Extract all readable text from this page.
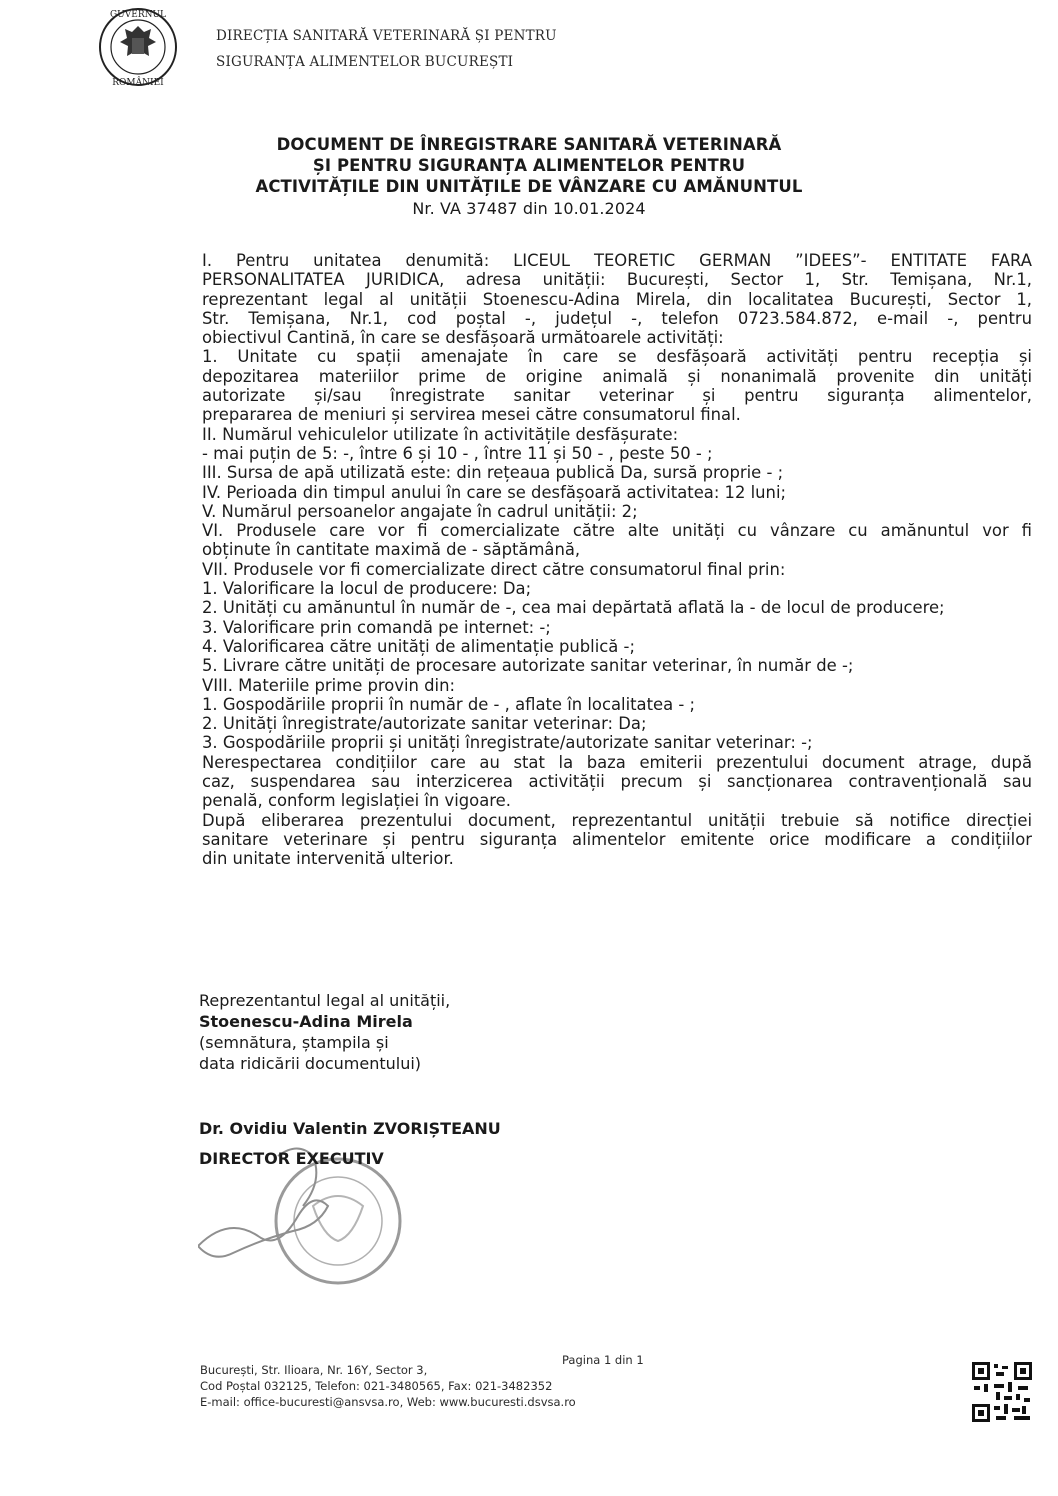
GUVERNUL
ROMÂNIEI
DIRECȚIA SANITARĂ VETERINARĂ ȘI PENTRU
SIGURANȚA ALIMENTELOR BUCUREȘTI
DOCUMENT DE ÎNREGISTRARE SANITARĂ VETERINARĂ
ȘI PENTRU SIGURANȚA ALIMENTELOR PENTRU
ACTIVITĂȚILE DIN UNITĂȚILE DE VÂNZARE CU AMĂNUNTUL
Nr. VA 37487 din 10.01.2024

I. Pentru unitatea denumită: LICEUL TEORETIC GERMAN ”IDEES”- ENTITATE FARA

PERSONALITATEA JURIDICA, adresa unității: București, Sector 1, Str. Temișana, Nr.1,

reprezentant legal al unității Stoenescu-Adina Mirela, din localitatea București, Sector 1,

Str. Temișana, Nr.1, cod poștal -, județul -, telefon 0723.584.872, e-mail -, pentru

obiectivul Cantină, în care se desfășoară următoarele activități:

1. Unitate cu spații amenajate în care se desfășoară activități pentru recepția și

depozitarea materiilor prime de origine animală și nonanimală provenite din unități

autorizate și/sau înregistrate sanitar veterinar și pentru siguranța alimentelor,

prepararea de meniuri și servirea mesei către consumatorul final.

II. Numărul vehiculelor utilizate în activitățile desfășurate:

- mai puțin de 5: -, între 6 și 10 - , între 11 și 50 - , peste 50 - ;

III. Sursa de apă utilizată este: din rețeaua publică Da, sursă proprie - ;

IV. Perioada din timpul anului în care se desfășoară activitatea: 12 luni;

V. Numărul persoanelor angajate în cadrul unității: 2;

VI. Produsele care vor fi comercializate către alte unități cu vânzare cu amănuntul vor fi

obținute în cantitate maximă de - săptămână,

VII. Produsele vor fi comercializate direct către consumatorul final prin:

1. Valorificare la locul de producere: Da;

2. Unități cu amănuntul în număr de -, cea mai depărtată aflată la - de locul de producere;

3. Valorificare prin comandă pe internet: -;

4. Valorificarea către unități de alimentație publică -;

5. Livrare către unități de procesare autorizate sanitar veterinar, în număr de -;

VIII. Materiile prime provin din:

1. Gospodăriile proprii în număr de - , aflate în localitatea - ;

2. Unități înregistrate/autorizate sanitar veterinar: Da;

3. Gospodăriile proprii și unități înregistrate/autorizate sanitar veterinar: -;

Nerespectarea condițiilor care au stat la baza emiterii prezentului document atrage, după

caz, suspendarea sau interzicerea activității precum și sancționarea contravențională sau

penală, conform legislației în vigoare.

După eliberarea prezentului document, reprezentantul unității trebuie să notifice direcției

sanitare veterinare și pentru siguranța alimentelor emitente orice modificare a condițiilor

din unitate intervenită ulterior.

Reprezentantul legal al unității,

Stoenescu-Adina Mirela

(semnătura, ștampila și

data ridicării documentului)

Dr. Ovidiu Valentin ZVORIȘTEANU

DIRECTOR EXECUTIV

Pagina 1 din 1

București, Str. Ilioara, Nr. 16Y, Sector 3,

Cod Poștal 032125, Telefon: 021-3480565, Fax: 021-3482352

E-mail: office-bucuresti@ansvsa.ro, Web: www.bucuresti.dsvsa.ro
